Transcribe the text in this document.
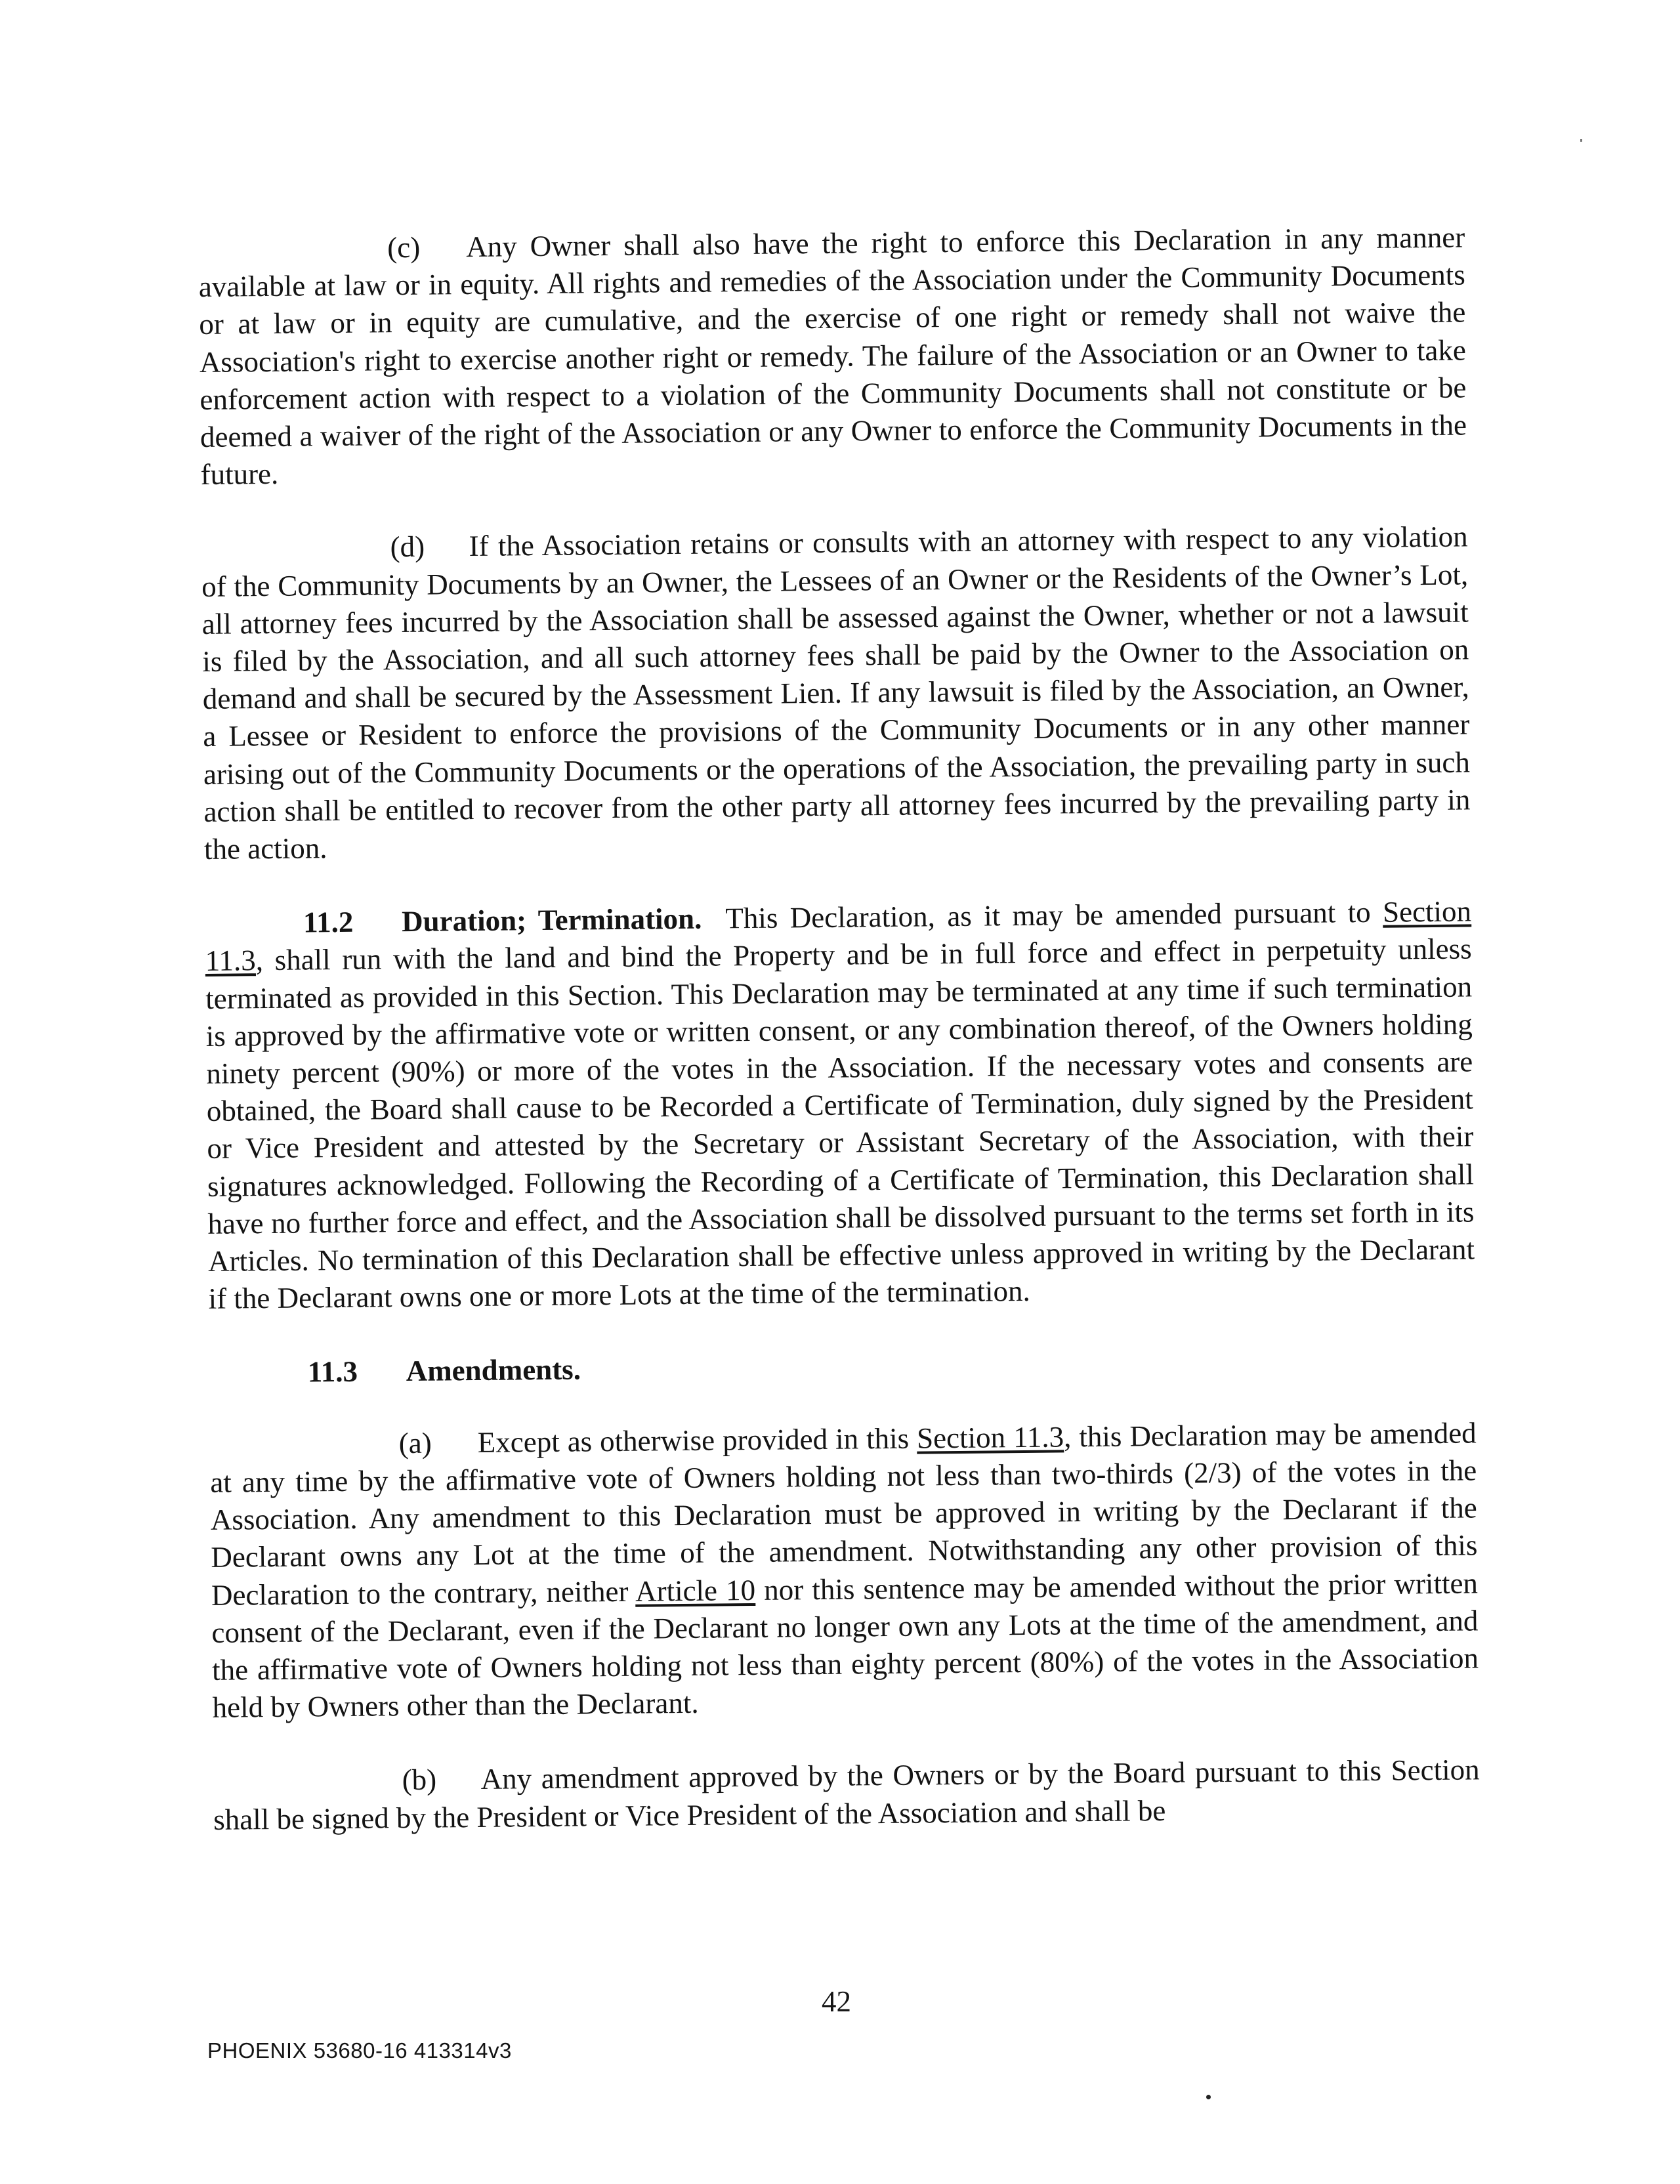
(c) Any Owner shall also have the right to enforce this Declaration in any manner available at law or in equity. All rights and remedies of the Association under the Community Documents or at law or in equity are cumulative, and the exercise of one right or remedy shall not waive the Association's right to exercise another right or remedy. The failure of the Association or an Owner to take enforcement action with respect to a violation of the Community Documents shall not constitute or be deemed a waiver of the right of the Association or any Owner to enforce the Community Documents in the future.

(d) If the Association retains or consults with an attorney with respect to any violation of the Community Documents by an Owner, the Lessees of an Owner or the Residents of the Owner’s Lot, all attorney fees incurred by the Association shall be assessed against the Owner, whether or not a lawsuit is filed by the Association, and all such attorney fees shall be paid by the Owner to the Association on demand and shall be secured by the Assessment Lien. If any lawsuit is filed by the Association, an Owner, a Lessee or Resident to enforce the provisions of the Community Documents or in any other manner arising out of the Community Documents or the operations of the Association, the prevailing party in such action shall be entitled to recover from the other party all attorney fees incurred by the prevailing party in the action.

11.2 Duration; Termination. This Declaration, as it may be amended pursuant to Section 11.3, shall run with the land and bind the Property and be in full force and effect in perpetuity unless terminated as provided in this Section. This Declaration may be terminated at any time if such termination is approved by the affirmative vote or written consent, or any combination thereof, of the Owners holding ninety percent (90%) or more of the votes in the Association. If the necessary votes and consents are obtained, the Board shall cause to be Recorded a Certificate of Termination, duly signed by the President or Vice President and attested by the Secretary or Assistant Secretary of the Association, with their signatures acknowledged. Following the Recording of a Certificate of Termination, this Declaration shall have no further force and effect, and the Association shall be dissolved pursuant to the terms set forth in its Articles. No termination of this Declaration shall be effective unless approved in writing by the Declarant if the Declarant owns one or more Lots at the time of the termination.

11.3 Amendments.

(a) Except as otherwise provided in this Section 11.3, this Declaration may be amended at any time by the affirmative vote of Owners holding not less than two-thirds (2/3) of the votes in the Association. Any amendment to this Declaration must be approved in writing by the Declarant if the Declarant owns any Lot at the time of the amendment. Notwithstanding any other provision of this Declaration to the contrary, neither Article 10 nor this sentence may be amended without the prior written consent of the Declarant, even if the Declarant no longer own any Lots at the time of the amendment, and the affirmative vote of Owners holding not less than eighty percent (80%) of the votes in the Association held by Owners other than the Declarant.

(b) Any amendment approved by the Owners or by the Board pursuant to this Section shall be signed by the President or Vice President of the Association and shall be

42
PHOENIX 53680-16 413314v3
